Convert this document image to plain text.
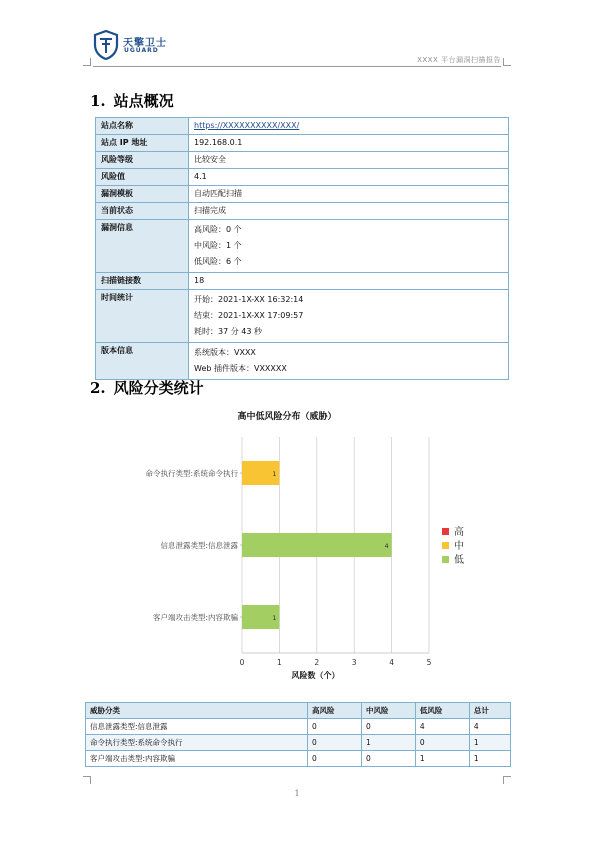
天擎卫士
UGUARD
XXXX 平台漏洞扫描报告
1. 站点概况
站点名称	https://XXXXXXXXXX/XXX/
站点 IP 地址	192.168.0.1
风险等级	比较安全
风险值	4.1
漏洞模板	自动匹配扫描
当前状态	扫描完成
漏洞信息	高风险：0 个
中风险：1 个
低风险：6 个

扫描链接数	18
时间统计	开始：2021-1X-XX 16:32:14
结束：2021-1X-XX 17:09:57
耗时：37 分 43 秒

版本信息	系统版本：VXXX
Web 插件版本：VXXXXX
2. 风险分类统计
高中低风险分布（威胁）
0	1	2	3	4	5
风险数（个）
命令执行类型:系统命令执行	1
信息泄露类型:信息泄露	4
客户端攻击类型:内容欺骗	1
高
中
低
威胁分类	高风险	中风险	低风险	总计
信息泄露类型:信息泄露	0	0	4	4
命令执行类型:系统命令执行	0	1	0	1
客户端攻击类型:内容欺骗	0	0	1	1
1
